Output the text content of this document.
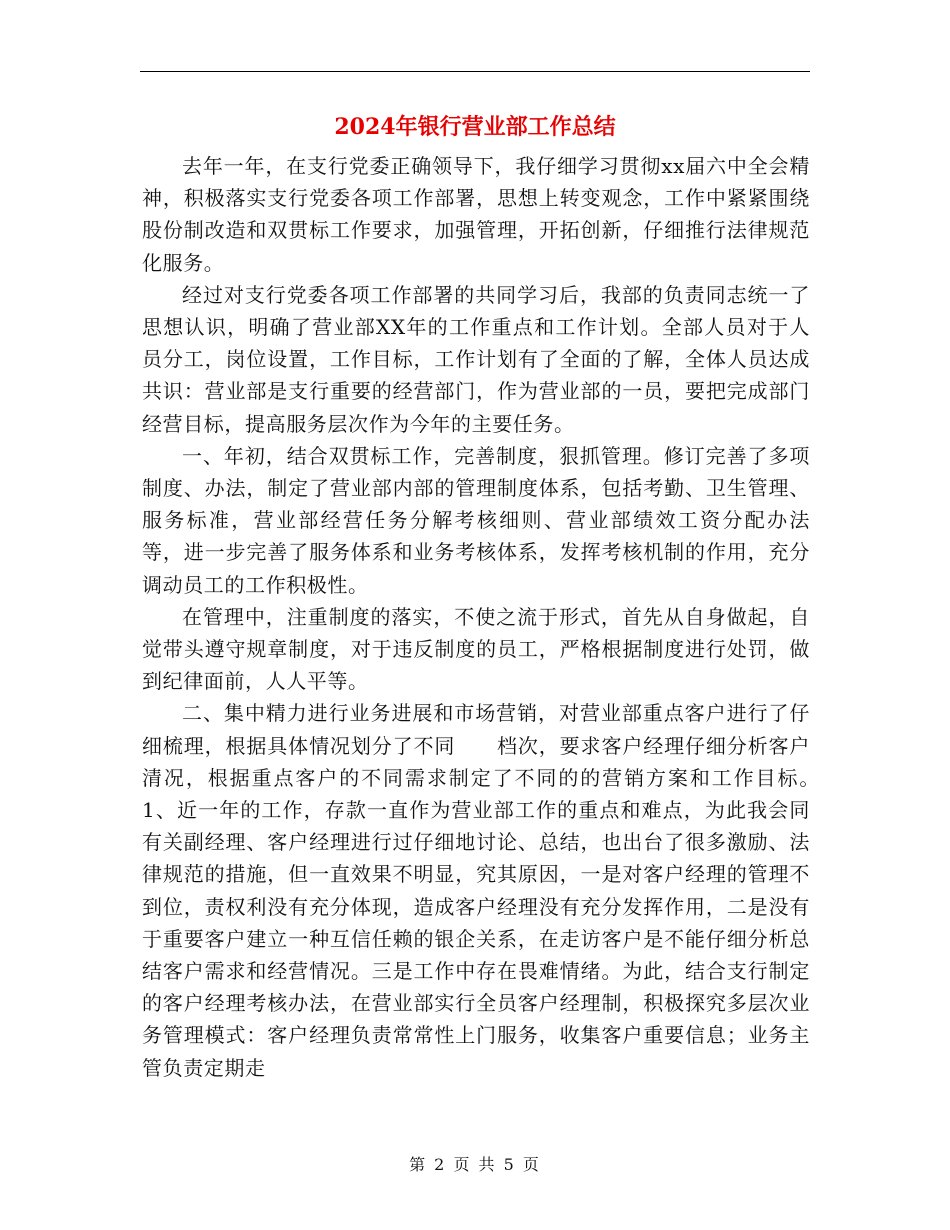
2024年银行营业部工作总结

去年一年，在支行党委正确领导下，我仔细学习贯彻xx届六中全会精神，积极落实支行党委各项工作部署，思想上转变观念，工作中紧紧围绕股份制改造和双贯标工作要求，加强管理，开拓创新，仔细推行法律规范化服务。

经过对支行党委各项工作部署的共同学习后，我部的负责同志统一了思想认识，明确了营业部XX年的工作重点和工作计划。全部人员对于人员分工，岗位设置，工作目标，工作计划有了全面的了解，全体人员达成共识：营业部是支行重要的经营部门，作为营业部的一员，要把完成部门经营目标，提高服务层次作为今年的主要任务。

一、年初，结合双贯标工作，完善制度，狠抓管理。修订完善了多项制度、办法，制定了营业部内部的管理制度体系，包括考勤、卫生管理、服务标准，营业部经营任务分解考核细则、营业部绩效工资分配办法　　等，进一步完善了服务体系和业务考核体系，发挥考核机制的作用，充分调动员工的工作积极性。

在管理中，注重制度的落实，不使之流于形式，首先从自身做起，自觉带头遵守规章制度，对于违反制度的员工，严格根据制度进行处罚，做到纪律面前，人人平等。

二、集中精力进行业务进展和市场营销，对营业部重点客户进行了仔细梳理，根据具体情况划分了不同　　档次，要求客户经理仔细分析客户清况，根据重点客户的不同需求制定了不同的的营销方案和工作目标。　　　1、近一年的工作，存款一直作为营业部工作的重点和难点，为此我会同有关副经理、客户经理进行过仔细地讨论、总结，也出台了很多激励、法律规范的措施，但一直效果不明显，究其原因，一是对客户经理的管理不到位，责权利没有充分体现，造成客户经理没有充分发挥作用，二是没有于重要客户建立一种互信任赖的银企关系，在走访客户是不能仔细分析总结客户需求和经营情况。三是工作中存在畏难情绪。为此，结合支行制定的客户经理考核办法，在营业部实行全员客户经理制，积极探究多层次业务管理模式：客户经理负责常常性上门服务，收集客户重要信息；业务主管负责定期走

第 2 页 共 5 页
